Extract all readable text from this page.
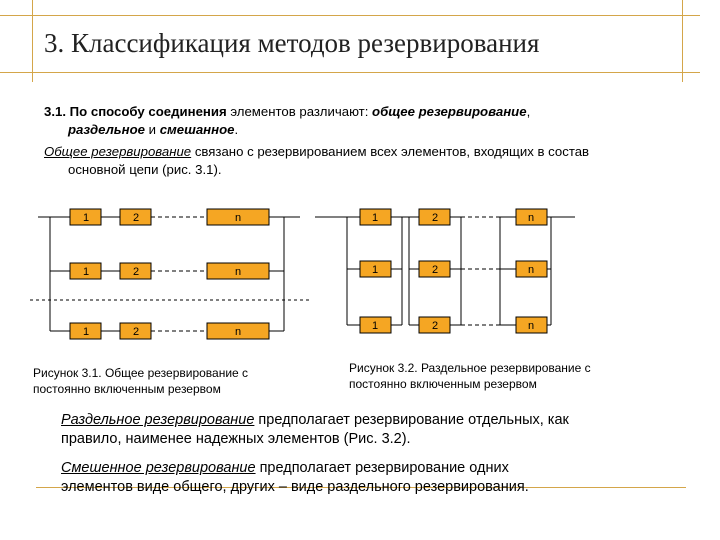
3. Классификация методов резервирования
3.1. По способу соединения элементов различают: общее резервирование,
раздельное и смешанное.
Общее резервирование связано с резервированием всех элементов, входящих в состав
основной цепи (рис. 3.1).
1	2	n
1	2	n
1	2	n
1	2	n
1	2	n
1	2	n
Рисунок 3.1. Общее резервирование с
постоянно включенным резервом
Рисунок 3.2. Раздельное резервирование с
постоянно включенным резервом
Раздельное резервирование предполагает резервирование отдельных, как
правило, наименее надежных элементов (Рис. 3.2).
Смешенное резервирование предполагает резервирование одних
элементов виде общего, других – виде раздельного резервирования.
